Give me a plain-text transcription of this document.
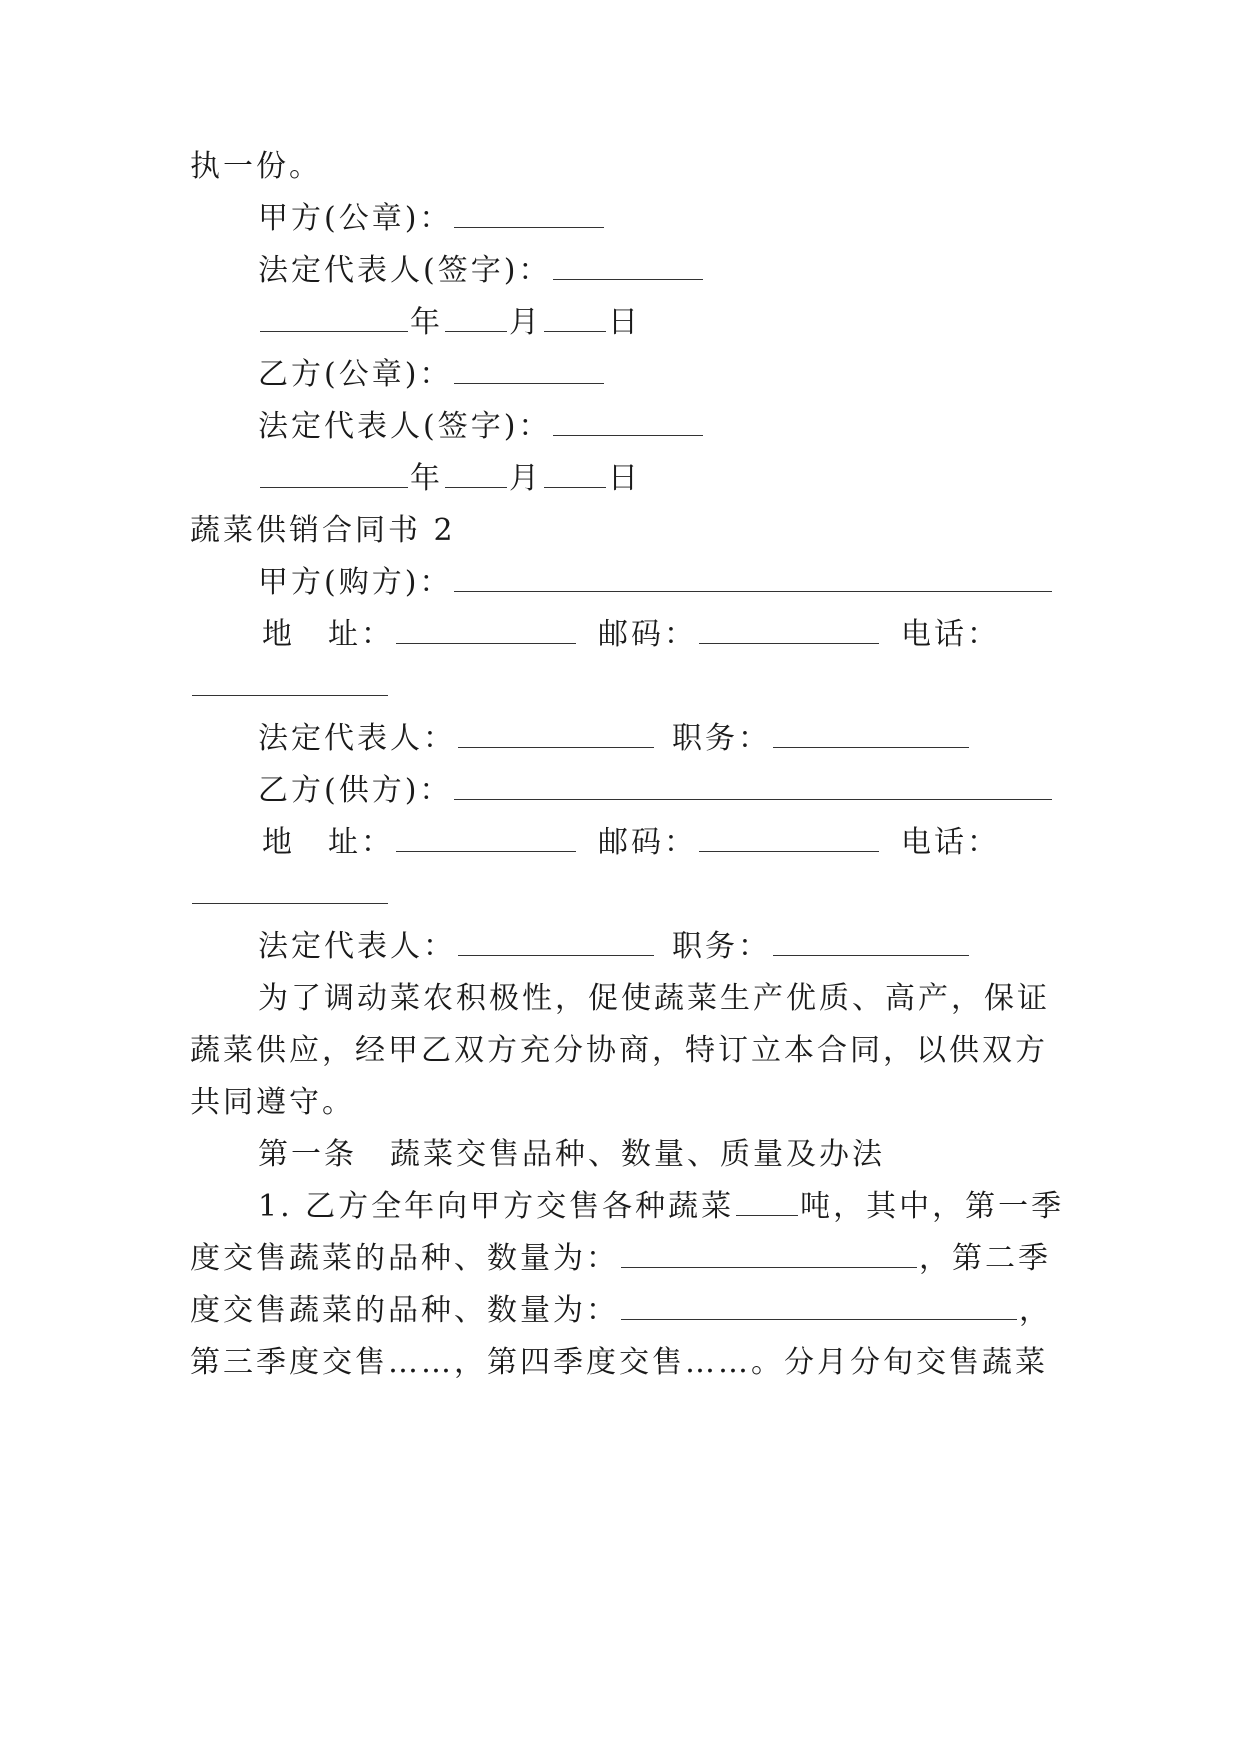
执一份。
甲方(公章)：
法定代表人(签字)：
年 月 日
乙方(公章)：
法定代表人(签字)：
年 月 日
蔬菜供销合同书 2
甲方(购方)：
地　址：	邮码：	电话：
法定代表人：	职务：
乙方(供方)：
地　址：	邮码：	电话：
法定代表人：	职务：
为了调动菜农积极性，促使蔬菜生产优质、高产，保证
蔬菜供应，经甲乙双方充分协商，特订立本合同，以供双方
共同遵守。
第一条　蔬菜交售品种、数量、质量及办法
1. 乙方全年向甲方交售各种蔬菜 吨，其中，第一季
度交售蔬菜的品种、数量为：	，第二季
度交售蔬菜的品种、数量为：	，
第三季度交售……，第四季度交售……。分月分旬交售蔬菜
